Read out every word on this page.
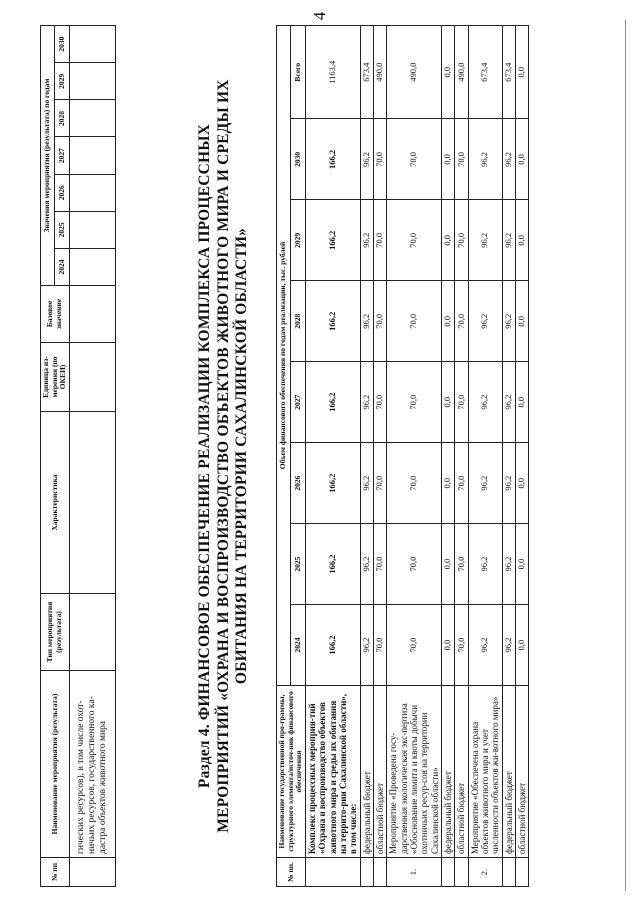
4
№ пп	Наименование мероприятия (результата)	Тип мероприятия (результата)	Характеристика	Единица из-мерения (по ОКЕИ)	Базовое значение	Значения мероприятия (результата) по годам						
						2024	2025	2026	2027	2028	2029	2030
	гических ресурсов), в том числе охот-ничьих ресурсов, государственного ка-дастра объектов животного мира												Раздел 4. ФИНАНСОВОЕ ОБЕСПЕЧЕНИЕ РЕАЛИЗАЦИИ КОМПЛЕКСА ПРОЦЕССНЫХ МЕРОПРИЯТИЙ «ОХРАНА И ВОСПРОИЗВОДСТВО ОБЪЕКТОВ ЖИВОТНОГО МИРА И СРЕДЫ ИХ ОБИТАНИЯ НА ТЕРРИТОРИИ САХАЛИНСКОЙ ОБЛАСТИ»
№ пп.	Наименование государственной про-граммы, структурного элемента/источ-ник финансового обеспечения	Объем финансового обеспечения по годам реализации, тыс. рублей							
		2024	2025	2026	2027	2028	2029	2030	Всего
	Комплекс процессных мероприя-тий «Охрана и воспроизводство объектов животного мира и среды их обитания на террито-рии Сахалинской области», в том числе:	166,2	166,2	166,2	166,2	166,2	166,2	166,2	1163,4
	федеральный бюджет	96,2	96,2	96,2	96,2	96,2	96,2	96,2	673,4
	областной бюджет	70,0	70,0	70,0	70,0	70,0	70,0	70,0	490,0
1.	Мероприятие «Проведена госу-дарственная экологическая экс-пертиза «Обоснование лимита и квоты добычи охотничьих ресур-сов на территории Сахалинской области»	70,0	70,0	70,0	70,0	70,0	70,0	70,0	490,0
	федеральный бюджет	0,0	0,0	0,0	0,0	0,0	0,0	0,0	0,0
	областной бюджет	70,0	70,0	70,0	70,0	70,0	70,0	70,0	490,0
2.	Мероприятие «Обеспечена охрана объектов животного мира и учет численности объектов жи-вотного мира»	96,2	96,2	96,2	96,2	96,2	96,2	96,2	673,4
	федеральный бюджет	96,2	96,2	96,2	96,2	96,2	96,2	96,2	673,4
	областной бюджет	0,0	0,0	0,0	0,0	0,0	0,0	0,0	0,0
